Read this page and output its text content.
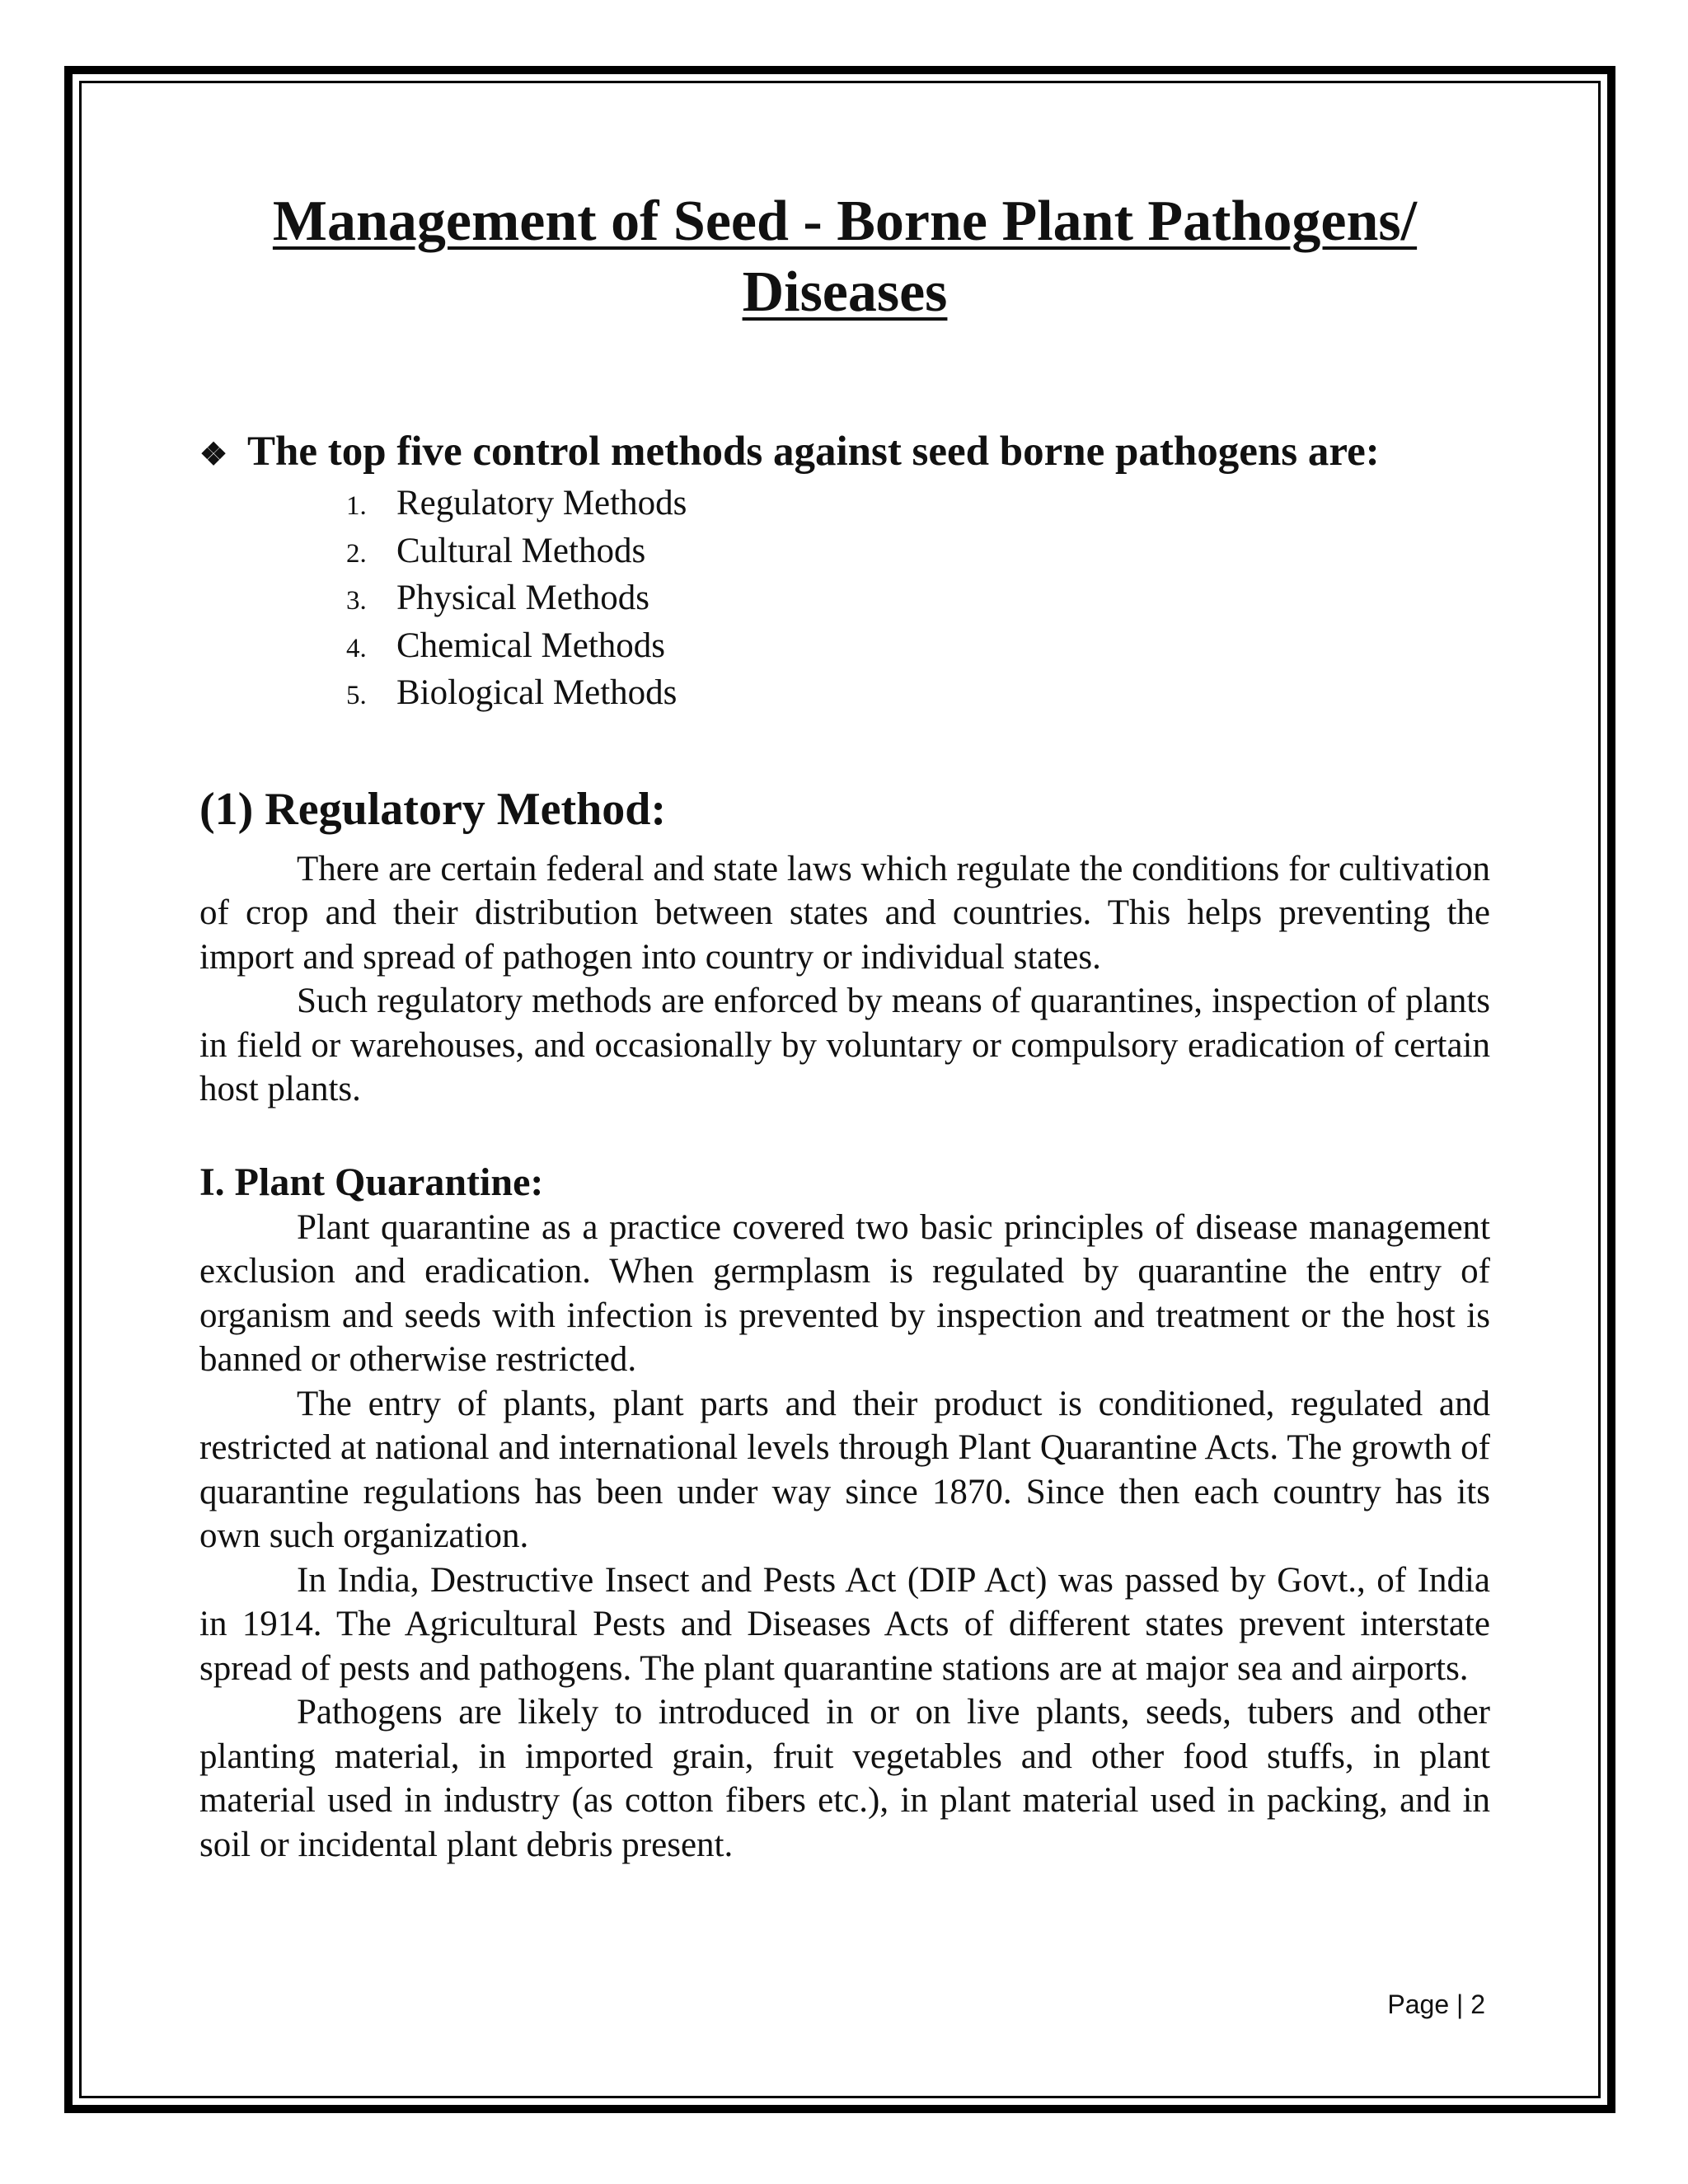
Management of Seed - Borne Plant Pathogens/
Diseases
❖ The top five control methods against seed borne pathogens are:
1. Regulatory Methods
2. Cultural Methods
3. Physical Methods
4. Chemical Methods
5. Biological Methods
(1) Regulatory Method:

There are certain federal and state laws which regulate the conditions for cultivation of crop and their distribution between states and countries. This helps preventing the import and spread of pathogen into country or individual states.

Such regulatory methods are enforced by means of quarantines, inspection of plants in field or warehouses, and occasionally by voluntary or compulsory eradication of certain host plants.

I. Plant Quarantine:

Plant quarantine as a practice covered two basic principles of disease management exclusion and eradication. When germplasm is regulated by quarantine the entry of organism and seeds with infection is prevented by inspection and treatment or the host is banned or otherwise restricted.

The entry of plants, plant parts and their product is conditioned, regulated and restricted at national and international levels through Plant Quarantine Acts. The growth of quarantine regulations has been under way since 1870. Since then each country has its own such organization.

In India, Destructive Insect and Pests Act (DIP Act) was passed by Govt., of India in 1914. The Agricultural Pests and Diseases Acts of different states prevent interstate spread of pests and pathogens. The plant quarantine stations are at major sea and airports.

Pathogens are likely to introduced in or on live plants, seeds, tubers and other planting material, in imported grain, fruit vegetables and other food stuffs, in plant material used in industry (as cotton fibers etc.), in plant material used in packing, and in soil or incidental plant debris present.

Page | 2
